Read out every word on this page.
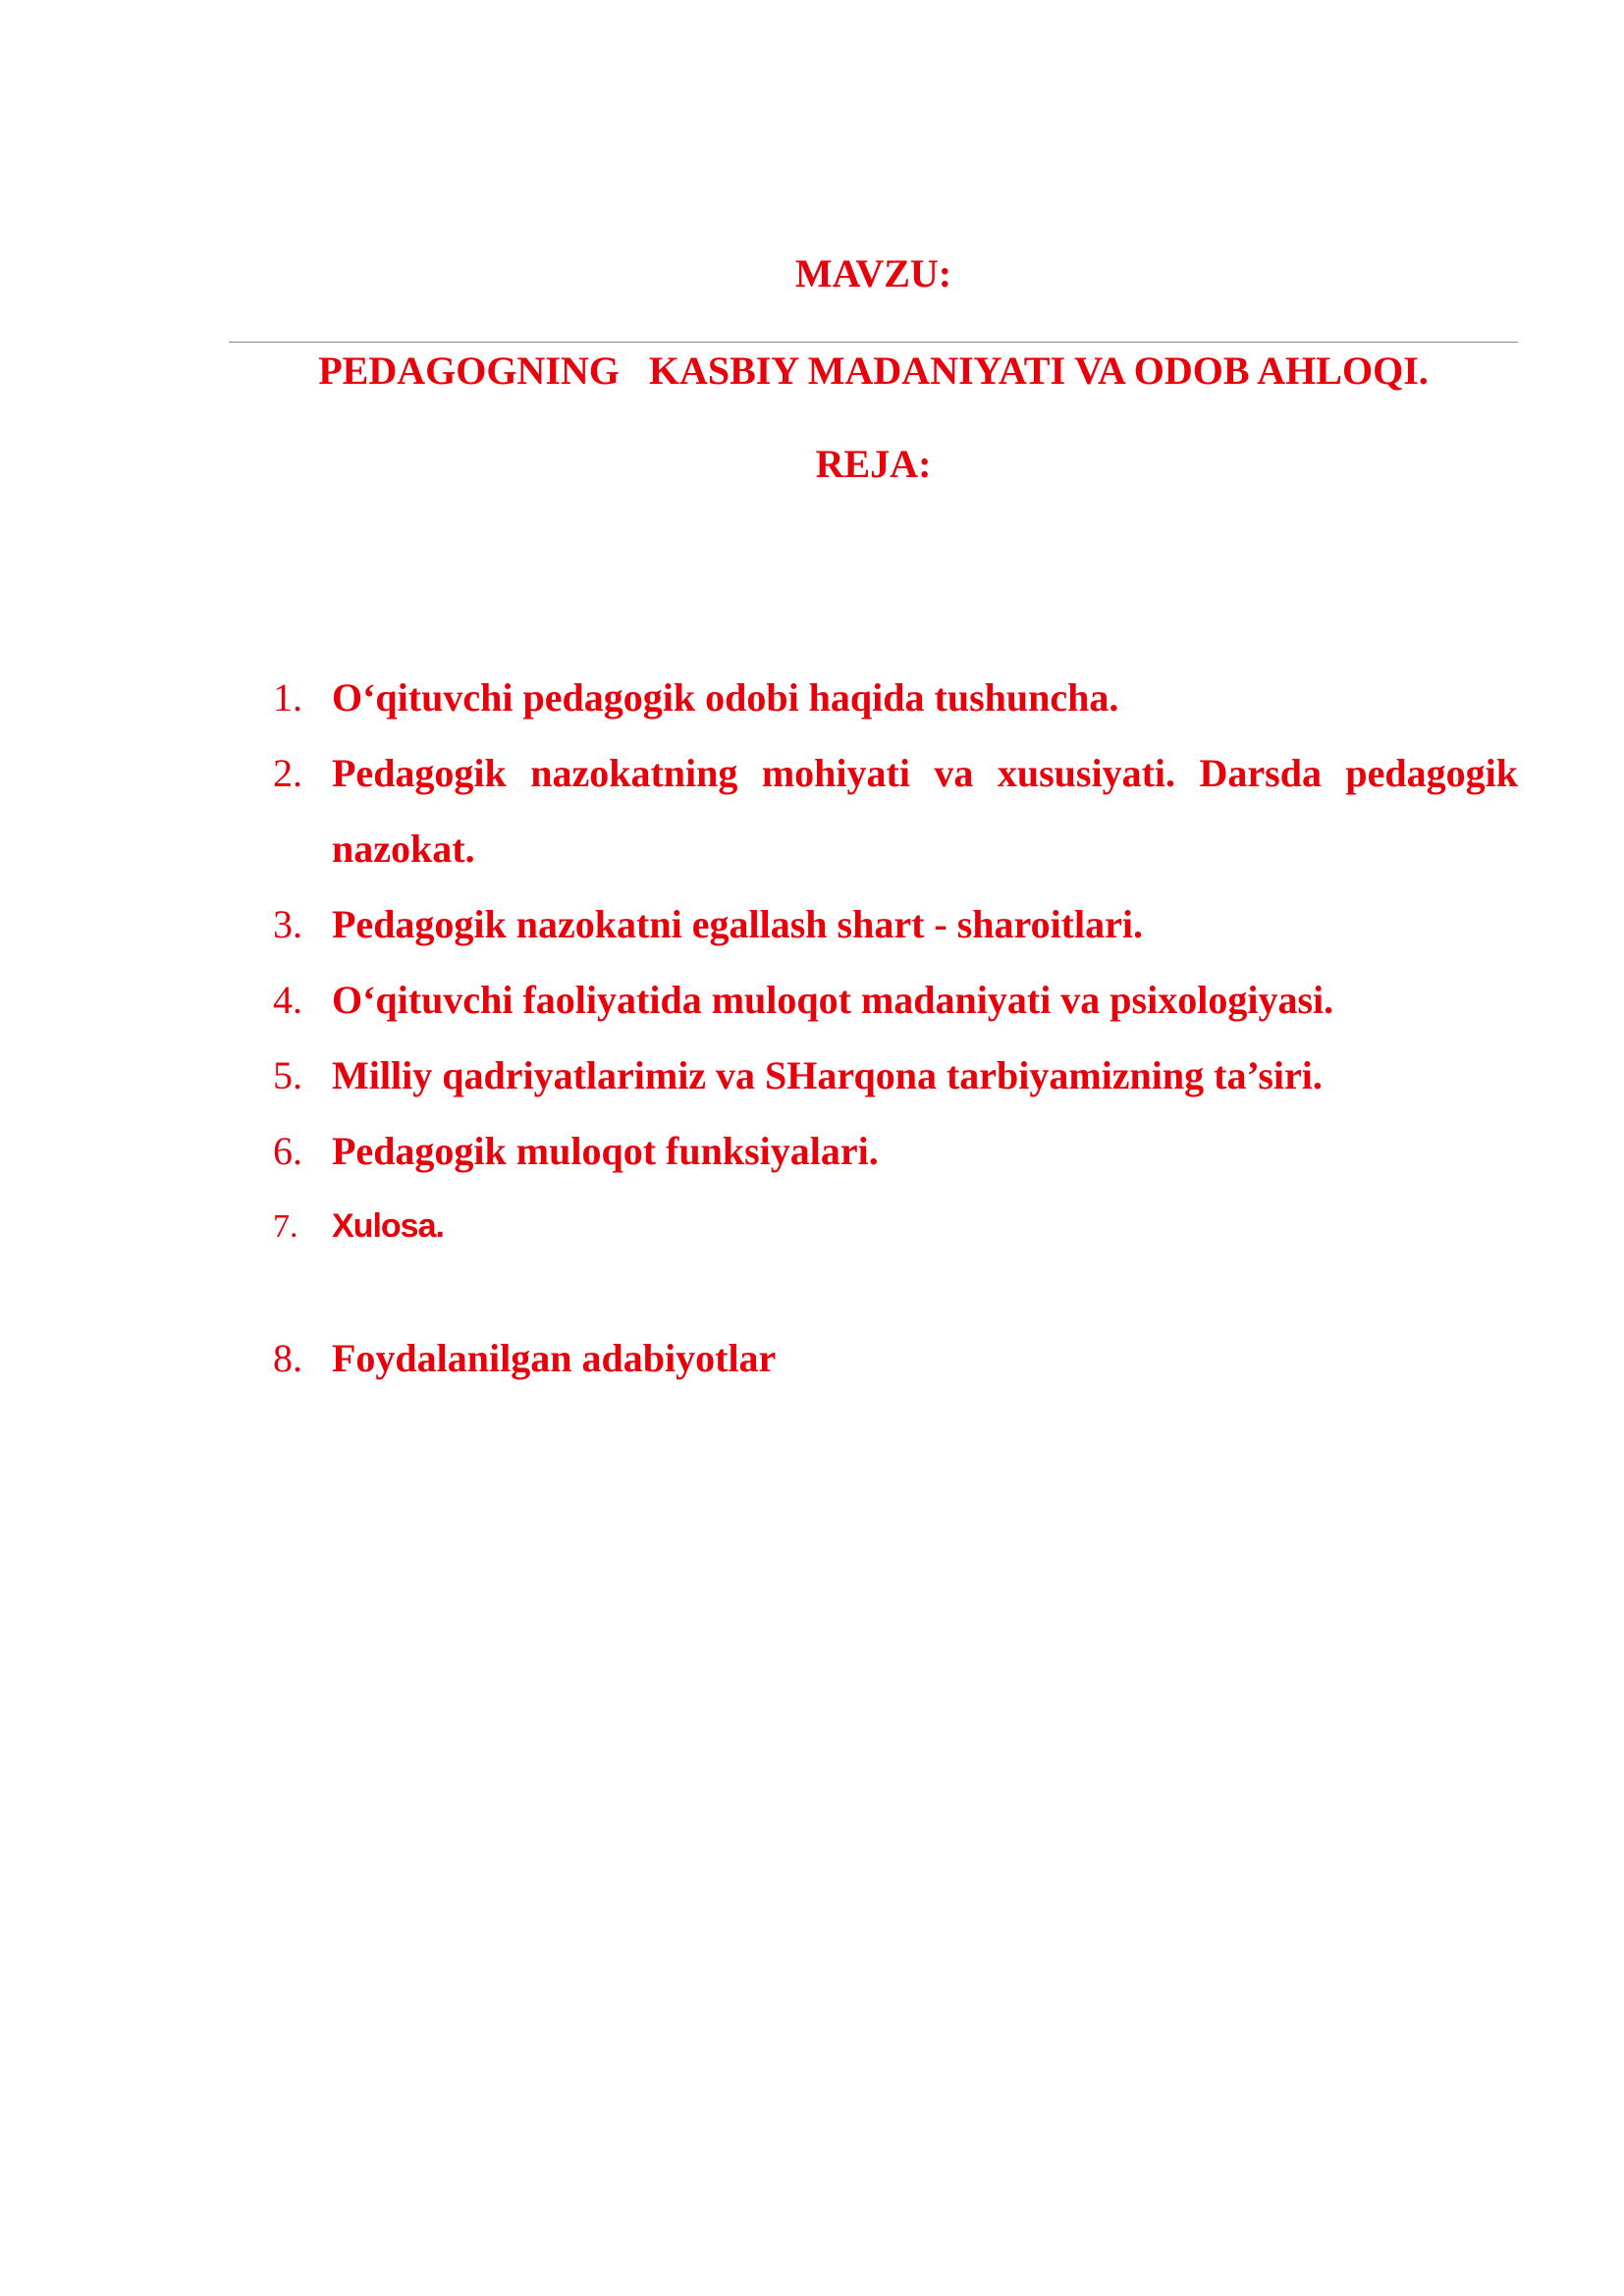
MAVZU:
PEDAGOGNING   KASBIY MADANIYATI VA ODOB AHLOQI.
REJA:
1. O‘qituvchi pedagogik odobi haqida tushuncha.
2. Pedagogik nazokatning mohiyati va xususiyati. Darsda pedagogik nazokat.
3. Pedagogik nazokatni egallash shart - sharoitlari.
4. O‘qituvchi faoliyatida muloqot madaniyati va psixologiyasi.
5. Milliy qadriyatlarimiz va SHarqona tarbiyamizning ta’siri.
6. Pedagogik muloqot funksiyalari.
7. Xulosa.
8. Foydalanilgan adabiyotlar
